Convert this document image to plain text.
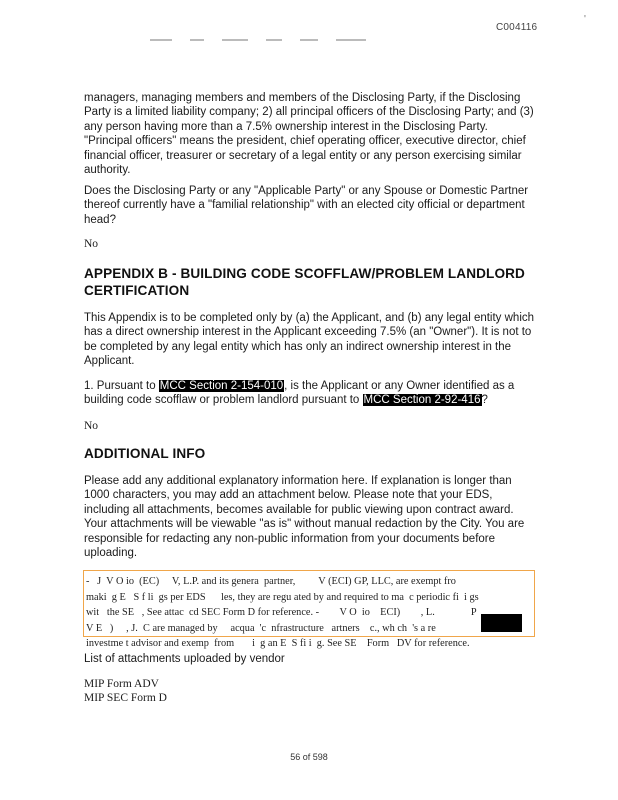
C004116
'

managers, managing members and members of the Disclosing Party, if the Disclosing Party is a limited liability company; 2) all principal officers of the Disclosing Party; and (3) any person having more than a 7.5% ownership interest in the Disclosing Party. "Principal officers" means the president, chief operating officer, executive director, chief financial officer, treasurer or secretary of a legal entity or any person exercising similar authority.

Does the Disclosing Party or any "Applicable Party" or any Spouse or Domestic Partner thereof currently have a "familial relationship" with an elected city official or department head?

No

APPENDIX B - BUILDING CODE SCOFFLAW/PROBLEM LANDLORD CERTIFICATION

This Appendix is to be completed only by (a) the Applicant, and (b) any legal entity which has a direct ownership interest in the Applicant exceeding 7.5% (an "Owner"). It is not to be completed by any legal entity which has only an indirect ownership interest in the Applicant.

1. Pursuant to MCC Section 2-154-010, is the Applicant or any Owner identified as a building code scofflaw or problem landlord pursuant to MCC Section 2-92-416?

No

ADDITIONAL INFO

Please add any additional explanatory information here. If explanation is longer than 1000 characters, you may add an attachment below. Please note that your EDS, including all attachments, becomes available for public viewing upon contract award. Your attachments will be viewable "as is" without manual redaction by the City. You are responsible for redacting any non-public information from your documents before uploading.

-   J  V O io  (EC)     V, L.P. and its genera  partner,         V (ECI) GP, LLC, are exempt fro
maki  g E   S f li  gs per EDS      les, they are regu ated by and required to ma  c periodic fi  i gs
wit   the SE   , See attac  cd SEC Form D for reference. -        V O  io    ECI)        , L.              P
V E   )     , J.  C are managed by     acqua  'c  nfrastructure   artners    c., wh ch  's a re
investme t advisor and exemp  from       i  g an E  S fi i  g. See SE    Form   DV for reference.

List of attachments uploaded by vendor

MIP Form ADV

MIP SEC Form D

56 of 598
